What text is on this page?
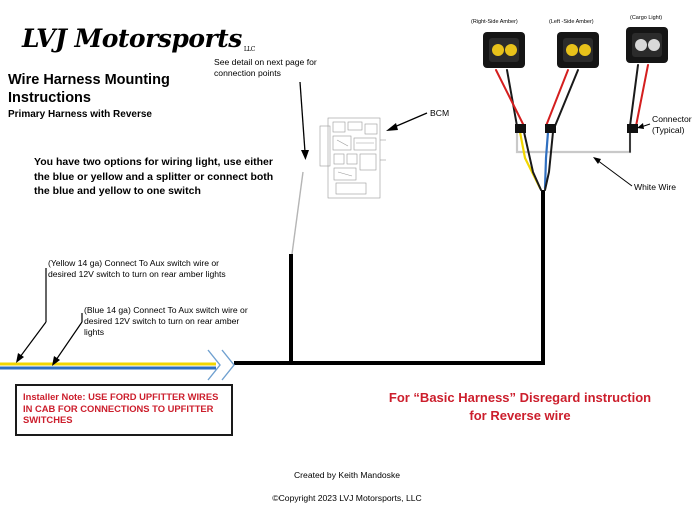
LVJ Motorsports LLC
Wire Harness Mounting Instructions
Primary Harness with Reverse
You have two options for wiring light, use either the blue or yellow and a splitter or connect both the blue and yellow to one switch
See detail on next page for connection points
BCM
(Yellow 14 ga) Connect To Aux switch wire or desired 12V switch to turn on rear amber lights
(Blue 14 ga) Connect To Aux switch wire or desired 12V switch to turn on rear amber lights
Connector (Typical)
White Wire
(Right-Side Amber)	(Left -Side Amber)
(Cargo Light)
Installer Note: USE FORD UPFITTER WIRES IN CAB FOR CONNECTIONS TO UPFITTER SWITCHES
For “Basic Harness” Disregard instruction for Reverse wire
Created by Keith Mandoske
©Copyright 2023 LVJ Motorsports, LLC
